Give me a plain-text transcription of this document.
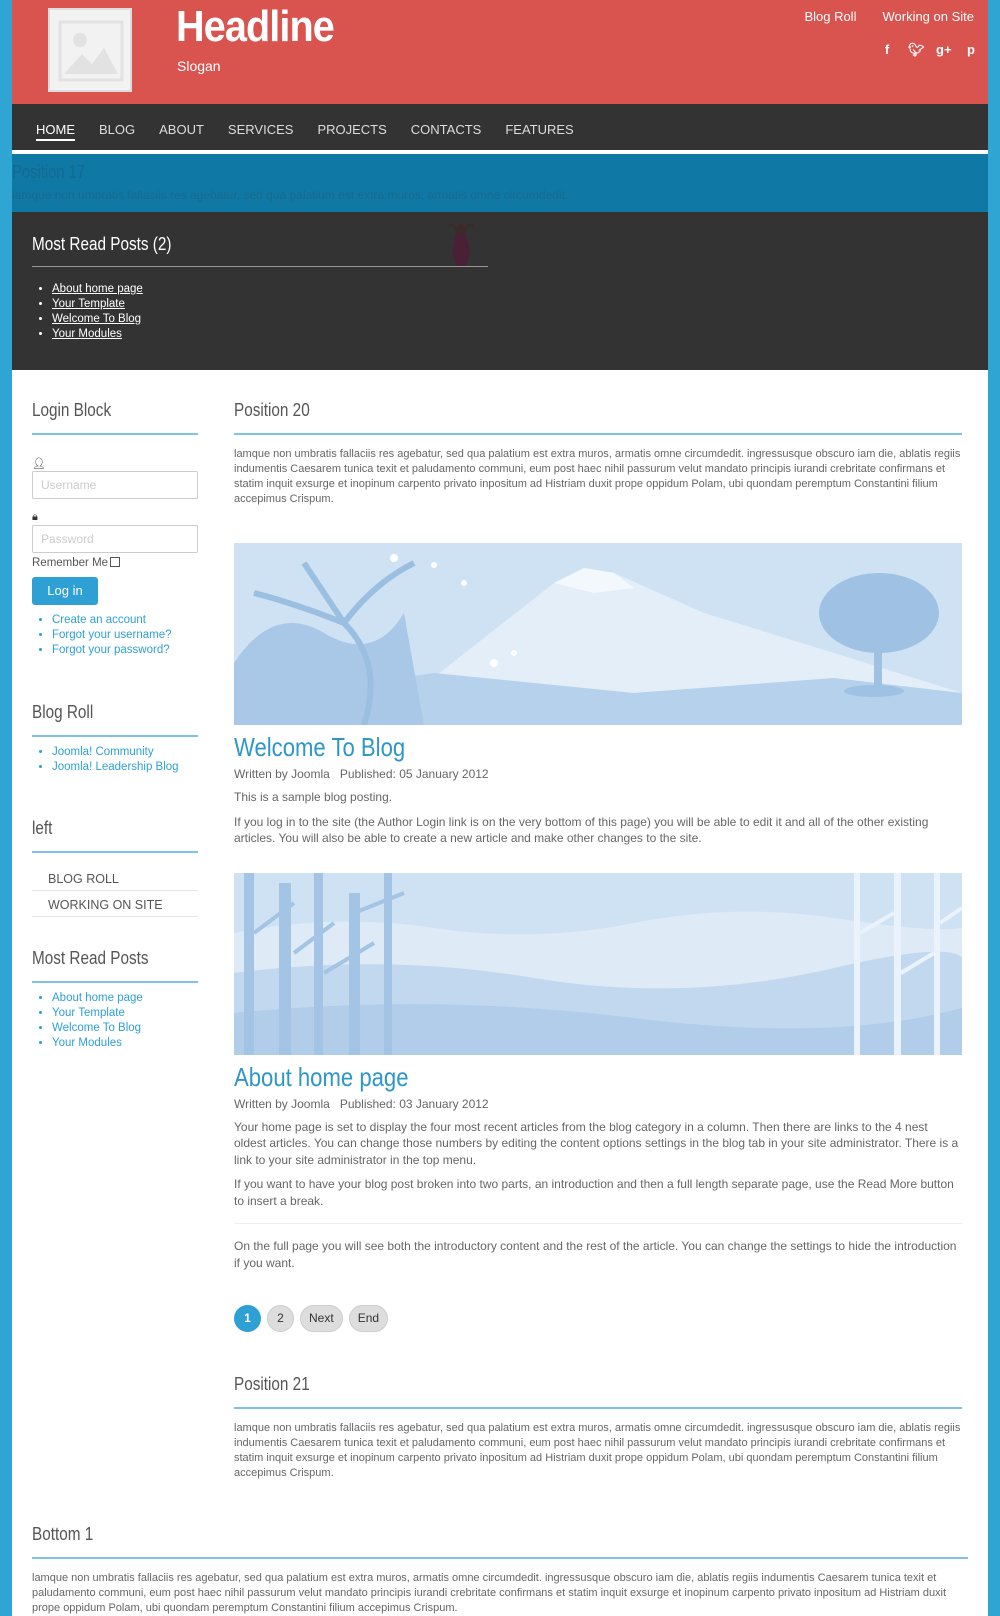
Headline
Slogan
Blog Roll Working on Site
f	🐦︎ g+ p
HOME	BLOG	ABOUT	SERVICES	PROJECTS	CONTACTS	FEATURES
Position 17

lamque non umbratis fallaciis res agebatur, sed qua palatium est extra muros, armatis omne circumdedit.

Most Read Posts (2)
• About home page
• Your Template
• Welcome To Blog
• Your Modules
Login Block
👤︎
Username
🔒︎
Password
Remember Me
Log in
• Create an account
• Forgot your username?
• Forgot your password?
Blog Roll
• Joomla! Community
• Joomla! Leadership Blog
left
BLOG ROLL
WORKING ON SITE
Most Read Posts
• About home page
• Your Template
• Welcome To Blog
• Your Modules
Position 20

lamque non umbratis fallaciis res agebatur, sed qua palatium est extra muros, armatis omne circumdedit. ingressusque obscuro iam die, ablatis regiis indumentis Caesarem tunica texit et paludamento communi, eum post haec nihil passurum velut mandato principis iurandi crebritate confirmans et statim inquit exsurge et inopinum carpento privato inpositum ad Histriam duxit prope oppidum Polam, ubi quondam peremptum Constantini filium accepimus Crispum.

Welcome To Blog
Written by Joomla Published: 05 January 2012

This is a sample blog posting.

If you log in to the site (the Author Login link is on the very bottom of this page) you will be able to edit it and all of the other existing articles. You will also be able to create a new article and make other changes to the site.

About home page
Written by Joomla Published: 03 January 2012

Your home page is set to display the four most recent articles from the blog category in a column. Then there are links to the 4 nest oldest articles. You can change those numbers by editing the content options settings in the blog tab in your site administrator. There is a link to your site administrator in the top menu.

If you want to have your blog post broken into two parts, an introduction and then a full length separate page, use the Read More button to insert a break.

On the full page you will see both the introductory content and the rest of the article. You can change the settings to hide the introduction if you want.

1	2	Next	End
Position 21

lamque non umbratis fallaciis res agebatur, sed qua palatium est extra muros, armatis omne circumdedit. ingressusque obscuro iam die, ablatis regiis indumentis Caesarem tunica texit et paludamento communi, eum post haec nihil passurum velut mandato principis iurandi crebritate confirmans et statim inquit exsurge et inopinum carpento privato inpositum ad Histriam duxit prope oppidum Polam, ubi quondam peremptum Constantini filium accepimus Crispum.

Bottom 1

lamque non umbratis fallaciis res agebatur, sed qua palatium est extra muros, armatis omne circumdedit. ingressusque obscuro iam die, ablatis regiis indumentis Caesarem tunica texit et paludamento communi, eum post haec nihil passurum velut mandato principis iurandi crebritate confirmans et statim inquit exsurge et inopinum carpento privato inpositum ad Histriam duxit prope oppidum Polam, ubi quondam peremptum Constantini filium accepimus Crispum.
